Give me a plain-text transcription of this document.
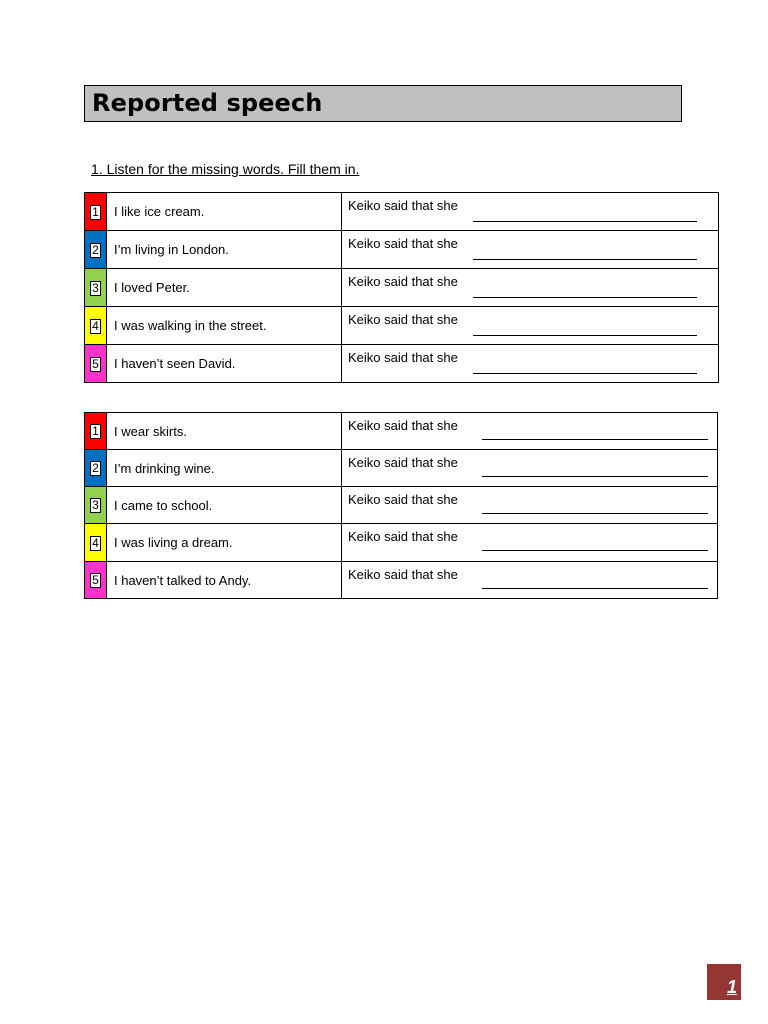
Reported speech
1. Listen for the missing words. Fill them in.
1	I like ice cream.	Keiko said that she

2	I’m living in London.	Keiko said that she

3	I loved Peter.	Keiko said that she

4	I was walking in the street.	Keiko said that she

5	I haven’t seen David.	Keiko said that she
1	I wear skirts.	Keiko said that she

2	I’m drinking wine.	Keiko said that she

3	I came to school.	Keiko said that she

4	I was living a dream.	Keiko said that she

5	I haven’t talked to Andy.	Keiko said that she
1
